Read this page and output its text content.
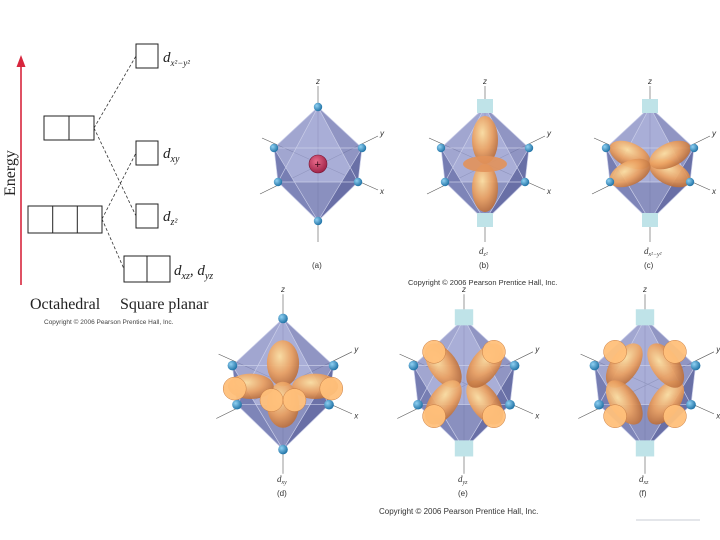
Energy
$d_{x^2-y^2}$
$d_{xy}$
$d_{z^2}$
$d_{xz}$, $d_{yz}$
Octahedral Square planar
Copyright © 2006 Pearson Prentice Hall, Inc.
+
z
y
x
(a)
z
y
x
$d_{z^2}$
(b)
z
y
x
$d_{x^2-y^2}$
(c)
z
y
x
$d_{xy}$
(d)
z
y
x
$d_{yz}$
(e)
z
y
x
$d_{xz}$
(f)
Copyright © 2006 Pearson Prentice Hall, Inc.
Copyright © 2006 Pearson Prentice Hall, Inc.
